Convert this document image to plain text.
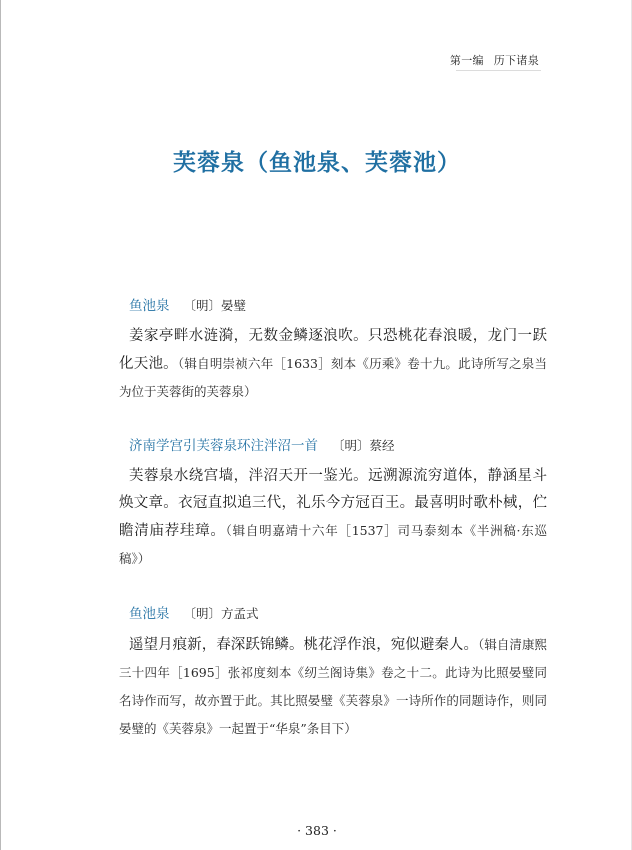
第一编 历下诸泉
芙蓉泉（鱼池泉、芙蓉池）
鱼池泉 〔明〕晏璧
姜家亭畔水涟漪，无数金鳞逐浪吹。只恐桃花春浪暖，龙门一跃化天池。（辑自明崇祯六年［1633］刻本《历乘》卷十九。此诗所写之泉当为位于芙蓉街的芙蓉泉）
济南学宫引芙蓉泉环注泮沼一首 〔明〕蔡经
芙蓉泉水绕宫墙，泮沼天开一鉴光。远溯源流穷道体，静涵星斗焕文章。衣冠直拟追三代，礼乐今方冠百王。最喜明时歌朴棫，伫瞻清庙荐珪璋。（辑自明嘉靖十六年［1537］司马泰刻本《半洲稿·东巡稿》）
鱼池泉 〔明〕方孟式
遥望月痕新，春深跃锦鳞。桃花浮作浪，宛似避秦人。（辑自清康熙三十四年［1695］张祁度刻本《纫兰阁诗集》卷之十二。此诗为比照晏璧同名诗作而写，故亦置于此。其比照晏璧《芙蓉泉》一诗所作的同题诗作，则同晏璧的《芙蓉泉》一起置于“华泉”条目下）
· 383 ·
